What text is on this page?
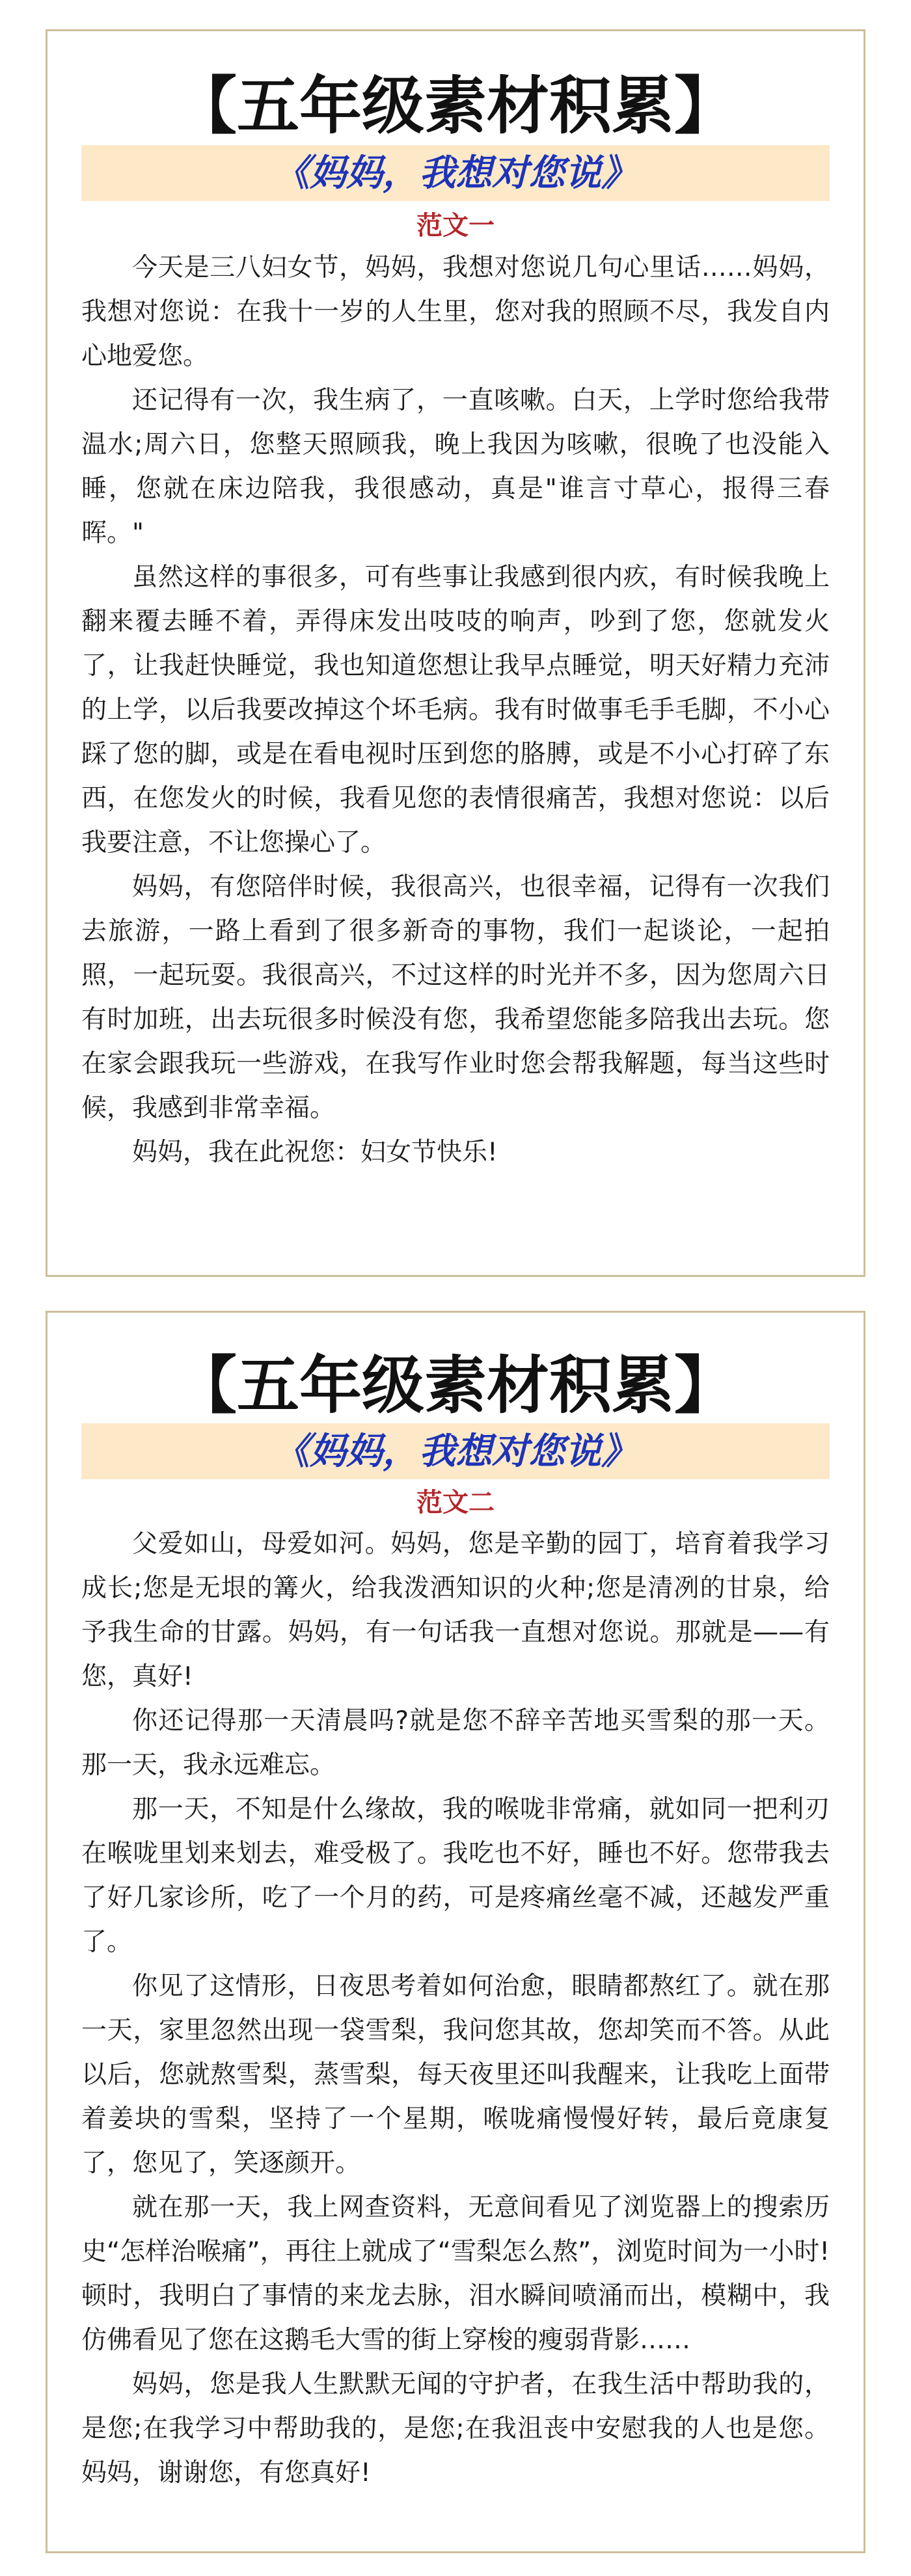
【五年级素材积累】
《妈妈，我想对您说》
范文一

今天是三八妇女节，妈妈，我想对您说几句心里话……妈妈，我想对您说：在我十一岁的人生里，您对我的照顾不尽，我发自内心地爱您。

还记得有一次，我生病了，一直咳嗽。白天，上学时您给我带温水;周六日，您整天照顾我，晚上我因为咳嗽，很晚了也没能入睡，您就在床边陪我，我很感动，真是"谁言寸草心，报得三春晖。"

虽然这样的事很多，可有些事让我感到很内疚，有时候我晚上翻来覆去睡不着，弄得床发出吱吱的响声，吵到了您，您就发火了，让我赶快睡觉，我也知道您想让我早点睡觉，明天好精力充沛的上学，以后我要改掉这个坏毛病。我有时做事毛手毛脚，不小心踩了您的脚，或是在看电视时压到您的胳膊，或是不小心打碎了东西，在您发火的时候，我看见您的表情很痛苦，我想对您说：以后我要注意，不让您操心了。

妈妈，有您陪伴时候，我很高兴，也很幸福，记得有一次我们去旅游，一路上看到了很多新奇的事物，我们一起谈论，一起拍照，一起玩耍。我很高兴，不过这样的时光并不多，因为您周六日有时加班，出去玩很多时候没有您，我希望您能多陪我出去玩。您在家会跟我玩一些游戏，在我写作业时您会帮我解题，每当这些时候，我感到非常幸福。

妈妈，我在此祝您：妇女节快乐!

【五年级素材积累】
《妈妈，我想对您说》
范文二

父爱如山，母爱如河。妈妈，您是辛勤的园丁，培育着我学习成长;您是无垠的篝火，给我泼洒知识的火种;您是清冽的甘泉，给予我生命的甘露。妈妈，有一句话我一直想对您说。那就是——有您，真好!

你还记得那一天清晨吗?就是您不辞辛苦地买雪梨的那一天。那一天，我永远难忘。

那一天，不知是什么缘故，我的喉咙非常痛，就如同一把利刃在喉咙里划来划去，难受极了。我吃也不好，睡也不好。您带我去了好几家诊所，吃了一个月的药，可是疼痛丝毫不减，还越发严重了。

你见了这情形，日夜思考着如何治愈，眼睛都熬红了。就在那一天，家里忽然出现一袋雪梨，我问您其故，您却笑而不答。从此以后，您就熬雪梨，蒸雪梨，每天夜里还叫我醒来，让我吃上面带着姜块的雪梨，坚持了一个星期，喉咙痛慢慢好转，最后竟康复了，您见了，笑逐颜开。

就在那一天，我上网查资料，无意间看见了浏览器上的搜索历史“怎样治喉痛”，再往上就成了“雪梨怎么熬”，浏览时间为一小时!顿时，我明白了事情的来龙去脉，泪水瞬间喷涌而出，模糊中，我仿佛看见了您在这鹅毛大雪的街上穿梭的瘦弱背影……

妈妈，您是我人生默默无闻的守护者，在我生活中帮助我的，是您;在我学习中帮助我的，是您;在我沮丧中安慰我的人也是您。妈妈，谢谢您，有您真好!
